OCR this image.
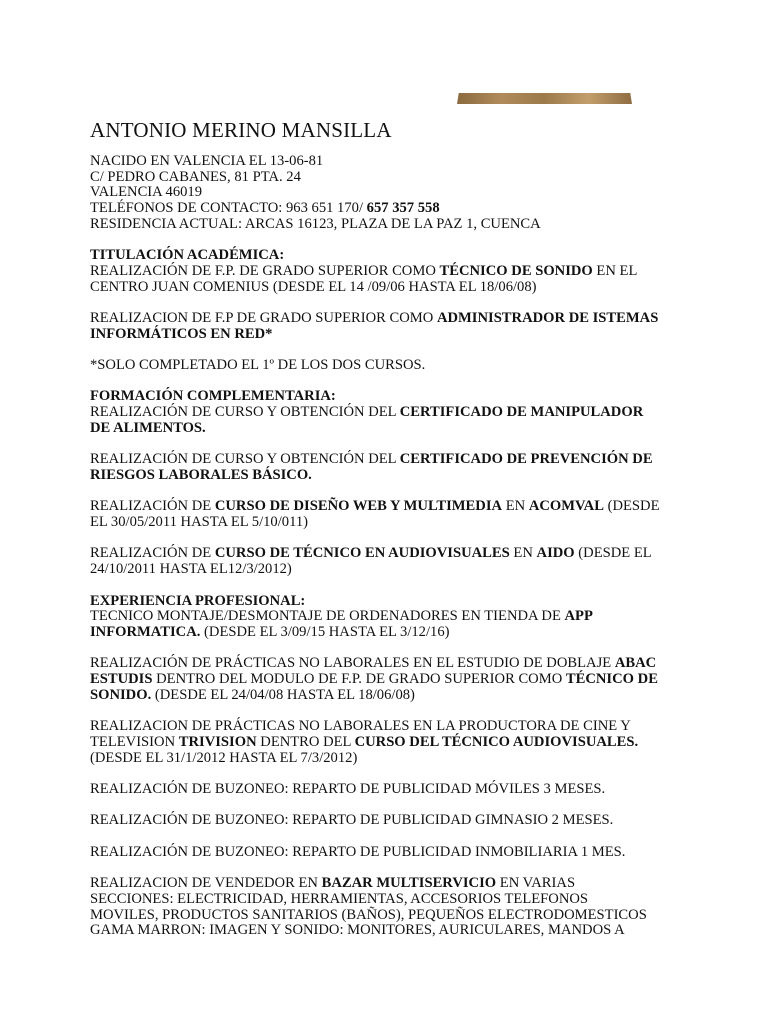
ANTONIO MERINO MANSILLA

NACIDO EN VALENCIA EL 13-06-81

C/ PEDRO CABANES, 81 PTA. 24

VALENCIA 46019

TELÉFONOS DE CONTACTO: 963 651 170/ 657 357 558

RESIDENCIA ACTUAL: ARCAS 16123, PLAZA DE LA PAZ 1, CUENCA

TITULACIÓN ACADÉMICA:

REALIZACIÓN DE F.P. DE GRADO SUPERIOR COMO TÉCNICO DE SONIDO EN EL

CENTRO JUAN COMENIUS (DESDE EL 14 /09/06 HASTA EL 18/06/08)

REALIZACION DE F.P DE GRADO SUPERIOR COMO ADMINISTRADOR DE ISTEMAS

INFORMÁTICOS EN RED*

*SOLO COMPLETADO EL 1º DE LOS DOS CURSOS.

FORMACIÓN COMPLEMENTARIA:

REALIZACIÓN DE CURSO Y OBTENCIÓN DEL CERTIFICADO DE MANIPULADOR

DE ALIMENTOS.

REALIZACIÓN DE CURSO Y OBTENCIÓN DEL CERTIFICADO DE PREVENCIÓN DE

RIESGOS LABORALES BÁSICO.

REALIZACIÓN DE CURSO DE DISEÑO WEB Y MULTIMEDIA EN ACOMVAL (DESDE

EL 30/05/2011 HASTA EL 5/10/011)

REALIZACIÓN DE CURSO DE TÉCNICO EN AUDIOVISUALES EN AIDO (DESDE EL

24/10/2011 HASTA EL12/3/2012)

EXPERIENCIA PROFESIONAL:

TECNICO MONTAJE/DESMONTAJE DE ORDENADORES EN TIENDA DE APP

INFORMATICA. (DESDE EL 3/09/15 HASTA EL 3/12/16)

REALIZACIÓN DE PRÁCTICAS NO LABORALES EN EL ESTUDIO DE DOBLAJE ABAC

ESTUDIS DENTRO DEL MODULO DE F.P. DE GRADO SUPERIOR COMO TÉCNICO DE

SONIDO. (DESDE EL 24/04/08 HASTA EL 18/06/08)

REALIZACION DE PRÁCTICAS NO LABORALES EN LA PRODUCTORA DE CINE Y

TELEVISION TRIVISION DENTRO DEL CURSO DEL TÉCNICO AUDIOVISUALES.

(DESDE EL 31/1/2012 HASTA EL 7/3/2012)

REALIZACIÓN DE BUZONEO: REPARTO DE PUBLICIDAD MÓVILES 3 MESES.

REALIZACIÓN DE BUZONEO: REPARTO DE PUBLICIDAD GIMNASIO 2 MESES.

REALIZACIÓN DE BUZONEO: REPARTO DE PUBLICIDAD INMOBILIARIA 1 MES.

REALIZACION DE VENDEDOR EN BAZAR MULTISERVICIO EN VARIAS

SECCIONES: ELECTRICIDAD, HERRAMIENTAS, ACCESORIOS TELEFONOS

MOVILES, PRODUCTOS SANITARIOS (BAÑOS), PEQUEÑOS ELECTRODOMESTICOS

GAMA MARRON: IMAGEN Y SONIDO: MONITORES, AURICULARES, MANDOS A
